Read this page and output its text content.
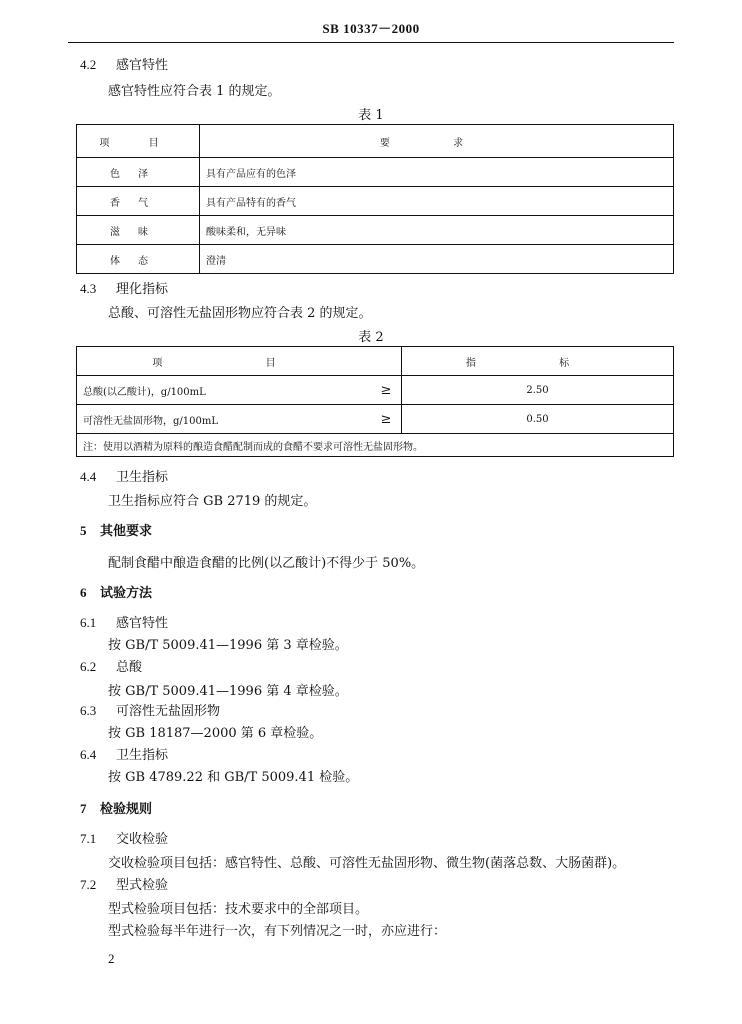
SB 10337－2000
4.2 感官特性
感官特性应符合表 1 的规定。
表 1
项 目	要 求
色泽	具有产品应有的色泽
香气	具有产品特有的香气
滋味	酸味柔和，无异味
体态	澄清
4.3 理化指标
总酸、可溶性无盐固形物应符合表 2 的规定。
表 2
项 目		指 标
总酸(以乙酸计)，g/100mL	≥	2.50
可溶性无盐固形物，g/100mL	≥	0.50
注：使用以酒精为原料的酿造食醋配制而成的食醋不要求可溶性无盐固形物。		
4.4 卫生指标
卫生指标应符合 GB 2719 的规定。
5 其他要求
配制食醋中酿造食醋的比例(以乙酸计)不得少于 50%。
6 试验方法
6.1 感官特性
按 GB/T 5009.41—1996 第 3 章检验。
6.2 总酸
按 GB/T 5009.41—1996 第 4 章检验。
6.3 可溶性无盐固形物
按 GB 18187—2000 第 6 章检验。
6.4 卫生指标
按 GB 4789.22 和 GB/T 5009.41 检验。
7 检验规则
7.1 交收检验
交收检验项目包括：感官特性、总酸、可溶性无盐固形物、微生物(菌落总数、大肠菌群)。
7.2 型式检验
型式检验项目包括：技术要求中的全部项目。
型式检验每半年进行一次，有下列情况之一时，亦应进行：
2
